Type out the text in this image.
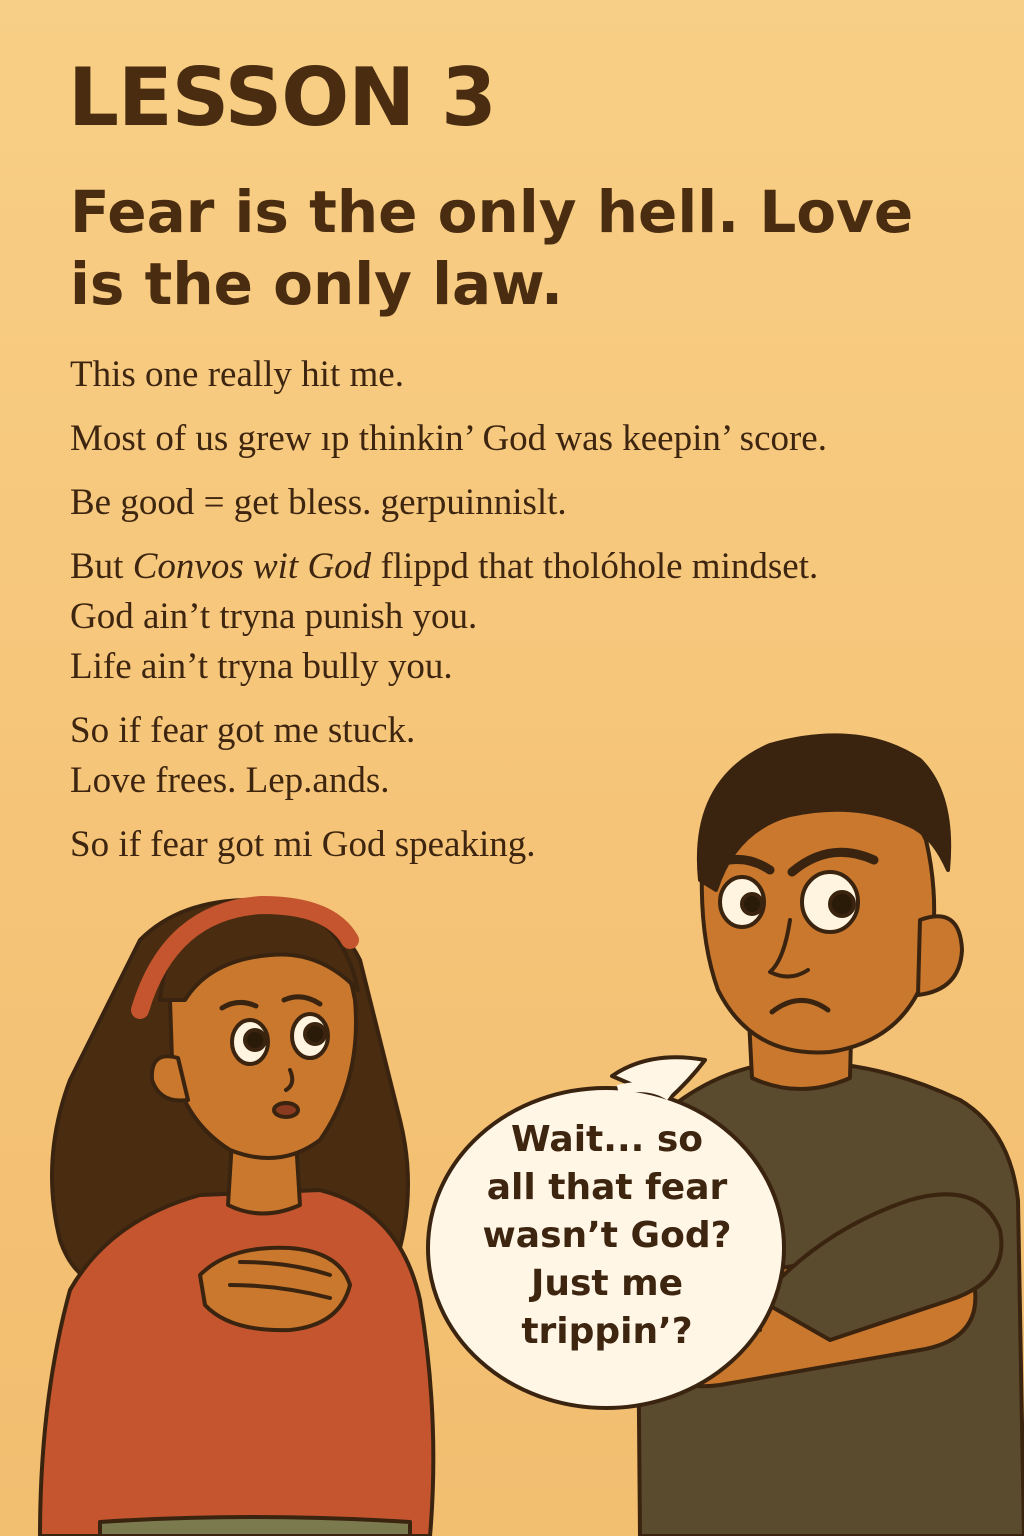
LESSON 3
Fear is the only hell. Love
is the only law.
This one really hit me.
Most of us grew ıp thinkin’ God was keepin’ score.
Be good = get bless. gerpuinnislt.
But Convos wit God flippd that tholóhole mindset.
God ain’t tryna punish you.
Life ain’t tryna bully you.
So if fear got me stuck.
Love frees. Lep.ands.
So if fear got mi God speaking.
Wait... so
all that fear
wasn’t God?
Just me
trippin’?
